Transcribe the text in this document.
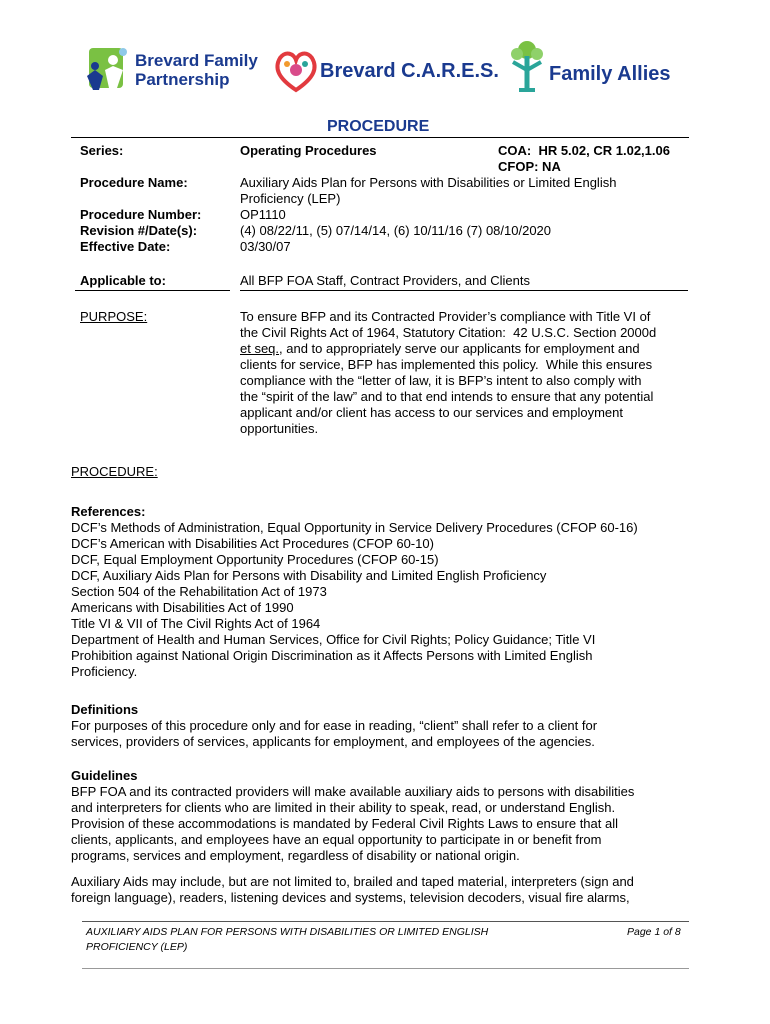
Brevard Family
Partnership	Brevard C.A.R.E.S.	Family Allies
PROCEDURE
Series:	Operating Procedures	COA:  HR 5.02, CR 1.02,1.06
CFOP: NA
Procedure Name:	Auxiliary Aids Plan for Persons with Disabilities or Limited English
Proficiency (LEP)
Procedure Number:	OP1110
Revision #/Date(s):	(4) 08/22/11, (5) 07/14/14, (6) 10/11/16 (7) 08/10/2020
Effective Date:	03/30/07
Applicable to:	All BFP FOA Staff, Contract Providers, and Clients
PURPOSE:	To ensure BFP and its Contracted Provider’s compliance with Title VI of
the Civil Rights Act of 1964, Statutory Citation:  42 U.S.C. Section 2000d
et seq., and to appropriately serve our applicants for employment and
clients for service, BFP has implemented this policy.  While this ensures
compliance with the “letter of law, it is BFP’s intent to also comply with
the “spirit of the law” and to that end intends to ensure that any potential
applicant and/or client has access to our services and employment
opportunities.
PROCEDURE:
References:
DCF’s Methods of Administration, Equal Opportunity in Service Delivery Procedures (CFOP 60-16)
DCF’s American with Disabilities Act Procedures (CFOP 60-10)
DCF, Equal Employment Opportunity Procedures (CFOP 60-15)
DCF, Auxiliary Aids Plan for Persons with Disability and Limited English Proficiency
Section 504 of the Rehabilitation Act of 1973
Americans with Disabilities Act of 1990
Title VI & VII of The Civil Rights Act of 1964
Department of Health and Human Services, Office for Civil Rights; Policy Guidance; Title VI
Prohibition against National Origin Discrimination as it Affects Persons with Limited English
Proficiency.
Definitions
For purposes of this procedure only and for ease in reading, “client” shall refer to a client for
services, providers of services, applicants for employment, and employees of the agencies.
Guidelines
BFP FOA and its contracted providers will make available auxiliary aids to persons with disabilities
and interpreters for clients who are limited in their ability to speak, read, or understand English.
Provision of these accommodations is mandated by Federal Civil Rights Laws to ensure that all
clients, applicants, and employees have an equal opportunity to participate in or benefit from
programs, services and employment, regardless of disability or national origin.
Auxiliary Aids may include, but are not limited to, brailed and taped material, interpreters (sign and
foreign language), readers, listening devices and systems, television decoders, visual fire alarms,
AUXILIARY AIDS PLAN FOR PERSONS WITH DISABILITIES OR LIMITED ENGLISH
PROFICIENCY (LEP)
Page 1 of 8
